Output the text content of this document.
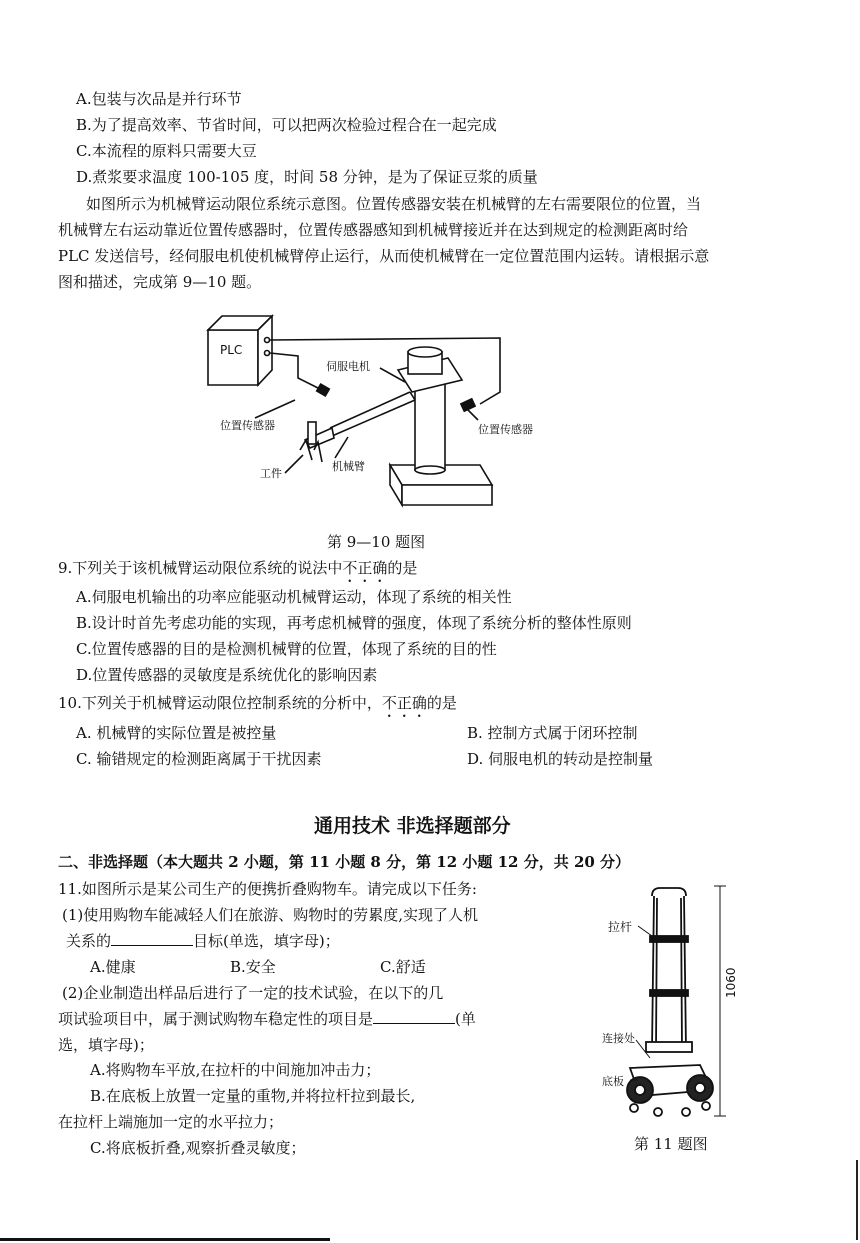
A.包装与次品是并行环节
B.为了提高效率、节省时间，可以把两次检验过程合在一起完成
C.本流程的原料只需要大豆
D.煮浆要求温度 100-105 度，时间 58 分钟，是为了保证豆浆的质量
如图所示为机械臂运动限位系统示意图。位置传感器安装在机械臂的左右需要限位的位置，当
机械臂左右运动靠近位置传感器时，位置传感器感知到机械臂接近并在达到规定的检测距离时给
PLC 发送信号，经伺服电机使机械臂停止运行，从而使机械臂在一定位置范围内运转。请根据示意
图和描述，完成第 9—10 题。
PLC
伺服电机
位置传感器	位置传感器
工件
机械臂
第 9—10 题图
9.下列关于该机械臂运动限位系统的说法中不正确的是
A.伺服电机输出的功率应能驱动机械臂运动，体现了系统的相关性
B.设计时首先考虑功能的实现，再考虑机械臂的强度，体现了系统分析的整体性原则
C.位置传感器的目的是检测机械臂的位置，体现了系统的目的性
D.位置传感器的灵敏度是系统优化的影响因素
10.下列关于机械臂运动限位控制系统的分析中，不正确的是
A. 机械臂的实际位置是被控量	B. 控制方式属于闭环控制
C. 输错规定的检测距离属于干扰因素	D. 伺服电机的转动是控制量
通用技术 非选择题部分
二、非选择题（本大题共 2 小题，第 11 小题 8 分，第 12 小题 12 分，共 20 分）
11.如图所示是某公司生产的便携折叠购物车。请完成以下任务:
(1)使用购物车能减轻人们在旅游、购物时的劳累度,实现了人机
关系的	目标(单选，填字母)；
A.健康	B.安全	C.舒适
(2)企业制造出样品后进行了一定的技术试验，在以下的几
项试验项目中，属于测试购物车稳定性的项目是	(单
选，填字母)；
A.将购物车平放,在拉杆的中间施加冲击力；
B.在底板上放置一定量的重物,并将拉杆拉到最长,
在拉杆上端施加一定的水平拉力；
C.将底板折叠,观察折叠灵敏度；
拉杆
1060
连接处
底板
第 11 题图
